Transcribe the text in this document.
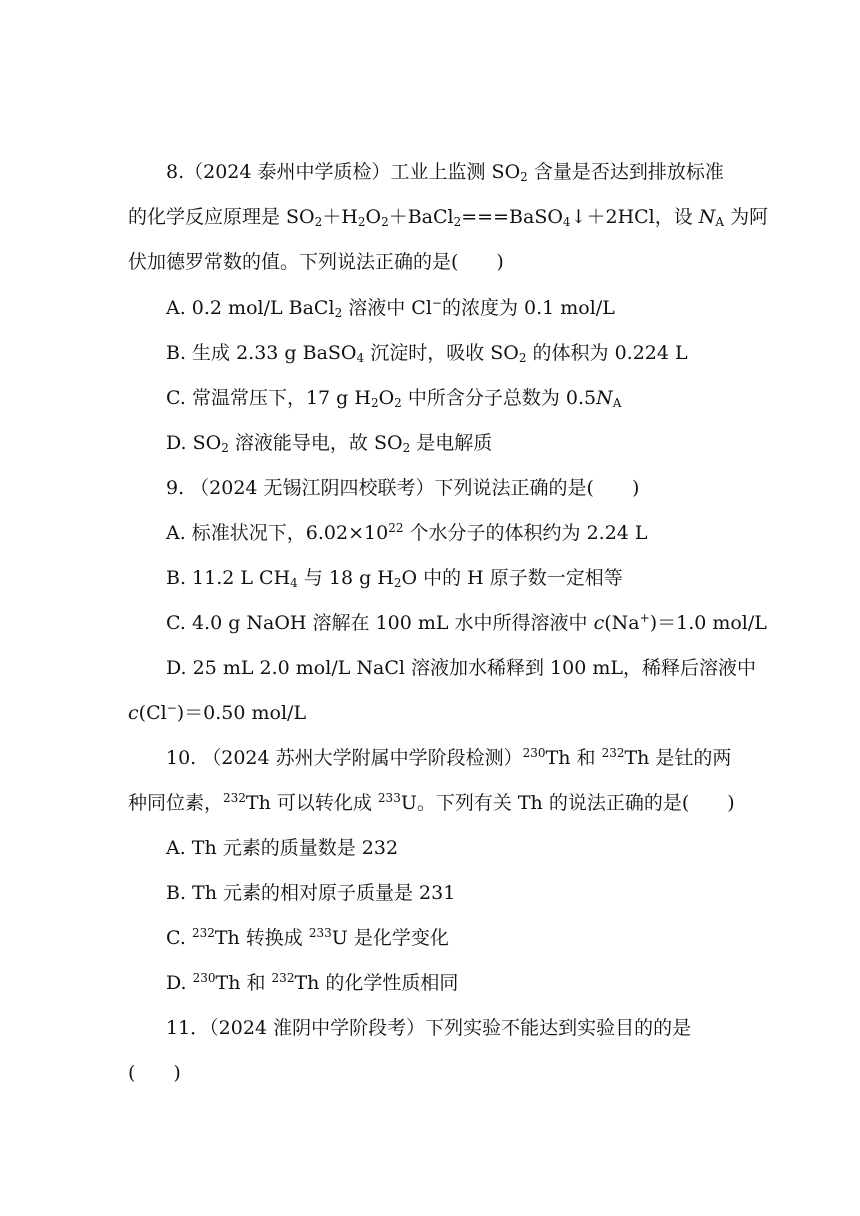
8.（2024 泰州中学质检）工业上监测 $SO_2$ 含量是否达到排放标准
的化学反应原理是 $SO_2+H_2O_2+BaCl_2===BaSO_4↓+2HCl$，设 $N_A$ 为阿
伏加德罗常数的值。下列说法正确的是(　　)
A. 0.2 mol/L BaCl$_2$ 溶液中 Cl−的浓度为 0.1 mol/L
B. 生成 2.33 g BaSO$_4$ 沉淀时，吸收 $SO_2$ 的体积为 0.224 L
C. 常温常压下，17 g $H_2O_2$ 中所含分子总数为 $0.5N_A$
D. $SO_2$ 溶液能导电，故 $SO_2$ 是电解质
9. （2024 无锡江阴四校联考）下列说法正确的是(　　)
A. 标准状况下，$6.02\times 10^{22}$ 个水分子的体积约为 2.24 L
B. 11.2 L $CH_4$ 与 18 g $H_2O$ 中的 H 原子数一定相等
C. 4.0 g NaOH 溶解在 100 mL 水中所得溶液中 c(Na+)＝1.0 mol/L
D. 25 mL 2.0 mol/L NaCl 溶液加水稀释到 100 mL，稀释后溶液中
c(Cl−)＝0.50 mol/L
10. （2024 苏州大学附属中学阶段检测）$^{230}$Th 和 $^{232}$Th 是钍的两
种同位素，$^{232}$Th 可以转化成 $^{233}$U。下列有关 Th 的说法正确的是(　　)
A. Th 元素的质量数是 232
B. Th 元素的相对原子质量是 231
C. $^{232}$Th 转换成 $^{233}$U 是化学变化
D. $^{230}$Th 和 $^{232}$Th 的化学性质相同
11．（2024 淮阴中学阶段考）下列实验不能达到实验目的的是
(　　)
